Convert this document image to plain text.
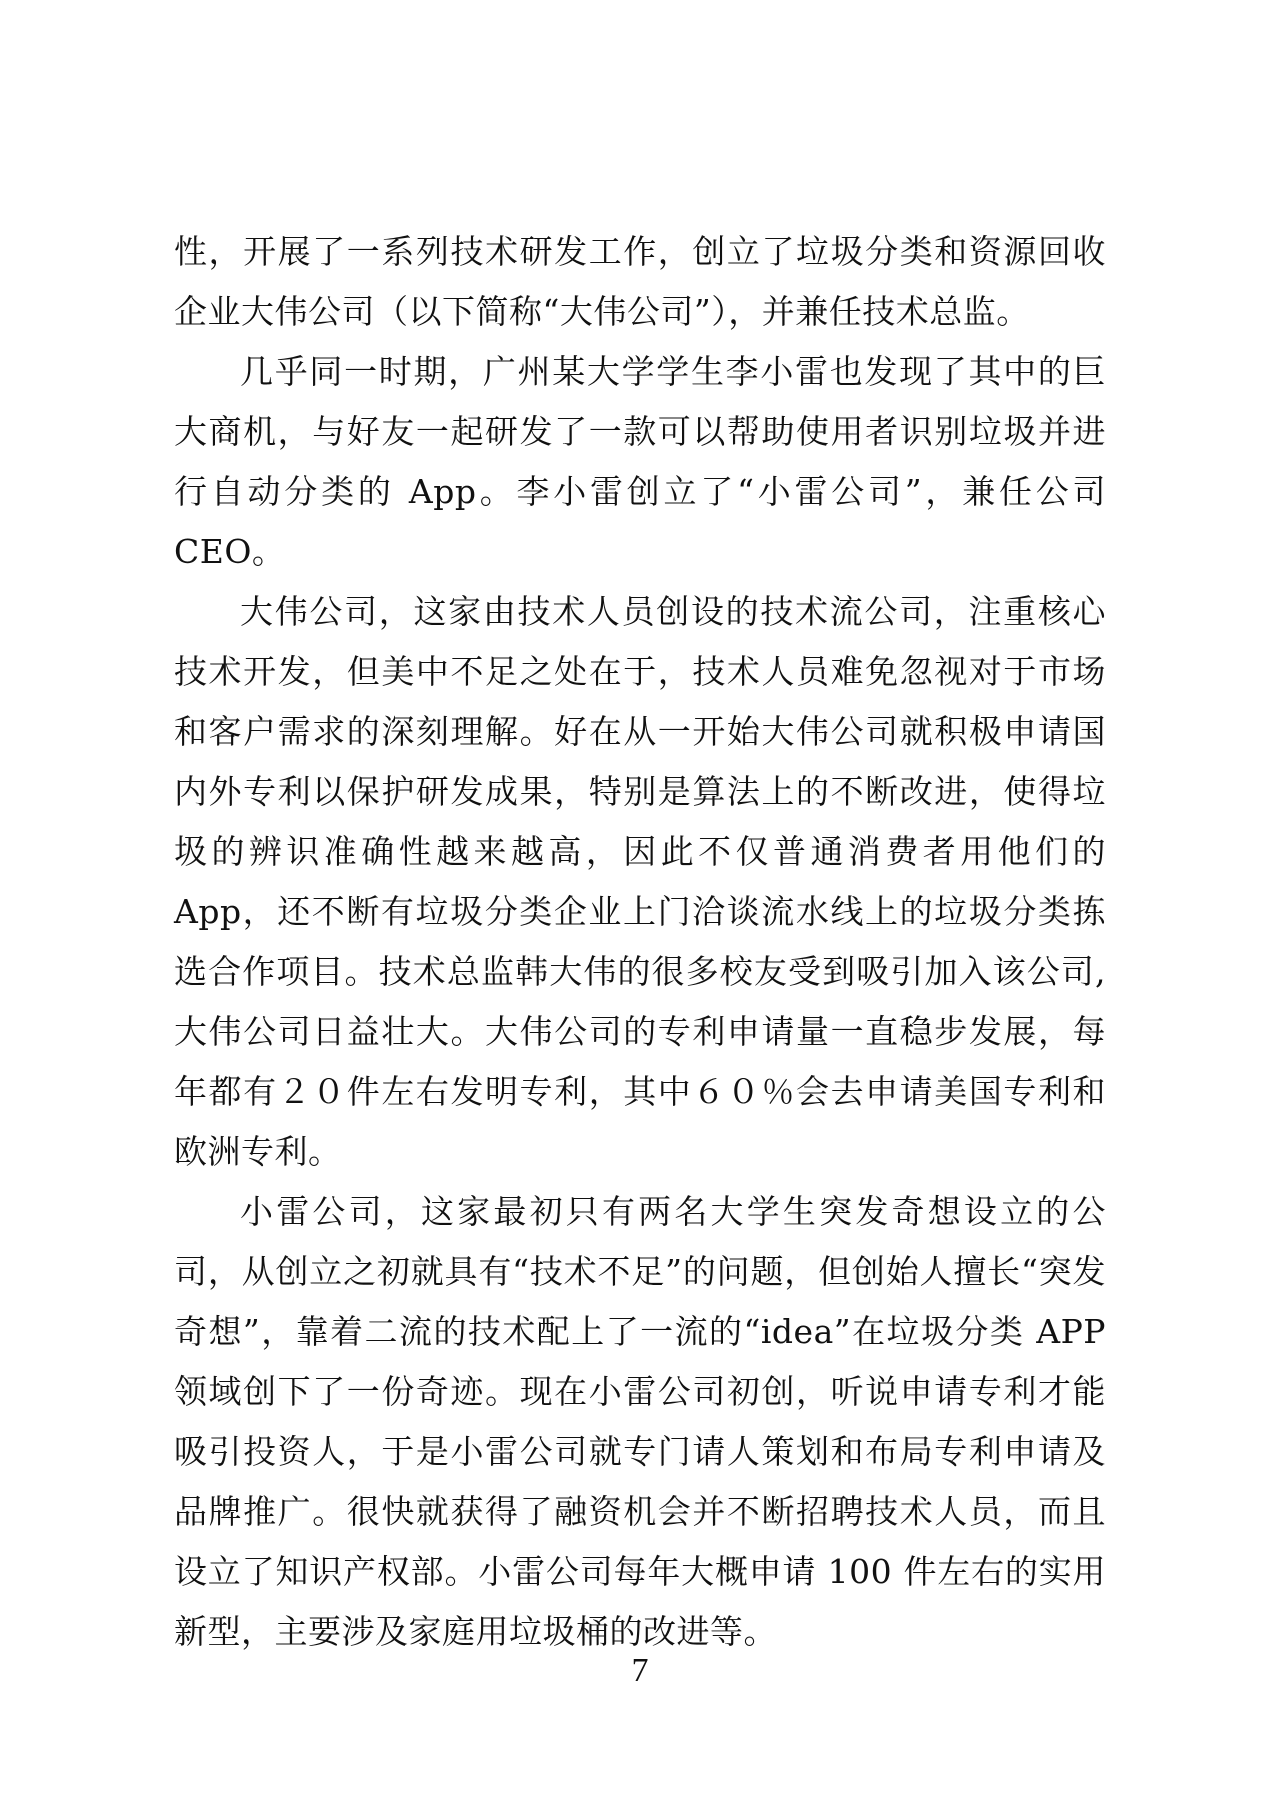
性，开展了一系列技术研发工作，创立了垃圾分类和资源回收企业大伟公司（以下简称“大伟公司”），并兼任技术总监。

几乎同一时期，广州某大学学生李小雷也发现了其中的巨大商机，与好友一起研发了一款可以帮助使用者识别垃圾并进行自动分类的 App。李小雷创立了“小雷公司”，兼任公司 CEO。

大伟公司，这家由技术人员创设的技术流公司，注重核心技术开发，但美中不足之处在于，技术人员难免忽视对于市场和客户需求的深刻理解。好在从一开始大伟公司就积极申请国内外专利以保护研发成果，特别是算法上的不断改进，使得垃圾的辨识准确性越来越高，因此不仅普通消费者用他们的 App，还不断有垃圾分类企业上门洽谈流水线上的垃圾分类拣选合作项目。技术总监韩大伟的很多校友受到吸引加入该公司,大伟公司日益壮大。大伟公司的专利申请量一直稳步发展，每年都有２０件左右发明专利，其中６０％会去申请美国专利和欧洲专利。

小雷公司，这家最初只有两名大学生突发奇想设立的公司，从创立之初就具有“技术不足”的问题，但创始人擅长“突发奇想”，靠着二流的技术配上了一流的“idea”在垃圾分类 APP 领域创下了一份奇迹。现在小雷公司初创，听说申请专利才能吸引投资人，于是小雷公司就专门请人策划和布局专利申请及品牌推广。很快就获得了融资机会并不断招聘技术人员，而且设立了知识产权部。小雷公司每年大概申请 100 件左右的实用新型，主要涉及家庭用垃圾桶的改进等。

7
